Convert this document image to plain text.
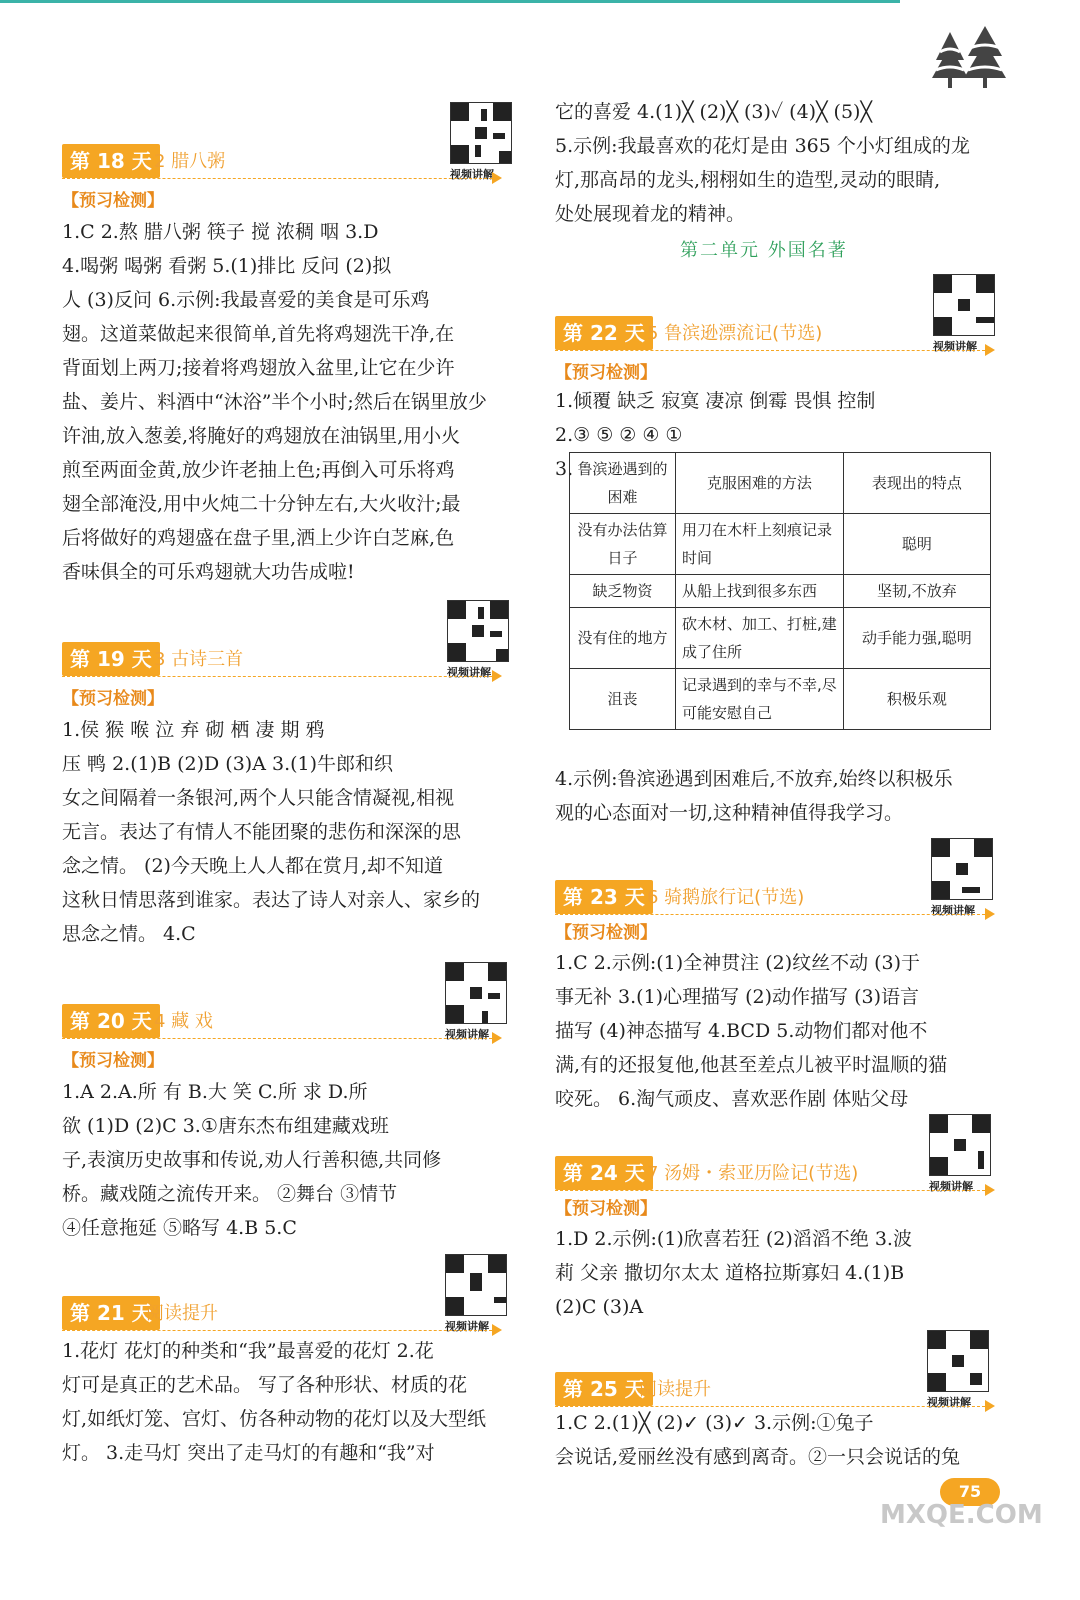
视频讲解
第 18 天 2 腊八粥
【预习检测】
1.C 2.熬 腊八粥 筷子 搅 浓稠 咽 3.D
4.喝粥 喝粥 看粥 5.(1)排比 反问 (2)拟
人 (3)反问 6.示例:我最喜爱的美食是可乐鸡
翅。这道菜做起来很简单,首先将鸡翅洗干净,在
背面划上两刀;接着将鸡翅放入盆里,让它在少许
盐、姜片、料酒中“沐浴”半个小时;然后在锅里放少
许油,放入葱姜,将腌好的鸡翅放在油锅里,用小火
煎至两面金黄,放少许老抽上色;再倒入可乐将鸡
翅全部淹没,用中火炖二十分钟左右,大火收汁;最
后将做好的鸡翅盛在盘子里,洒上少许白芝麻,色
香味俱全的可乐鸡翅就大功告成啦!
视频讲解
第 19 天 3 古诗三首
【预习检测】
1.侯 猴 喉 泣 弃 砌 栖 凄 期 鸦
压 鸭 2.(1)B (2)D (3)A 3.(1)牛郎和织
女之间隔着一条银河,两个人只能含情凝视,相视
无言。表达了有情人不能团聚的悲伤和深深的思
念之情。 (2)今天晚上人人都在赏月,却不知道
这秋日情思落到谁家。表达了诗人对亲人、家乡的
思念之情。 4.C
视频讲解
第 20 天 4 藏 戏
【预习检测】
1.A 2.A.所 有 B.大 笑 C.所 求 D.所
欲 (1)D (2)C 3.①唐东杰布组建藏戏班
子,表演历史故事和传说,劝人行善积德,共同修
桥。藏戏随之流传开来。 ②舞台 ③情节
④任意拖延 ⑤略写 4.B 5.C
视频讲解
第 21 天
阅读提升
1.花灯 花灯的种类和“我”最喜爱的花灯 2.花
灯可是真正的艺术品。 写了各种形状、材质的花
灯,如纸灯笼、宫灯、仿各种动物的花灯以及大型纸
灯。 3.走马灯 突出了走马灯的有趣和“我”对
它的喜爱 4.(1)╳ (2)╳ (3)✓ (4)╳ (5)╳
5.示例:我最喜欢的花灯是由 365 个小灯组成的龙
灯,那高昂的龙头,栩栩如生的造型,灵动的眼睛,
处处展现着龙的精神。
第二单元 外国名著
视频讲解
第 22 天 5 鲁滨逊漂流记(节选)
【预习检测】
1.倾覆 缺乏 寂寞 凄凉 倒霉 畏惧 控制
2.③ ⑤ ② ④ ①
3. 鲁滨逊遇到的困难	克服困难的方法	表现出的特点
没有办法估算日子	用刀在木杆上刻痕记录时间	聪明
缺乏物资	从船上找到很多东西	坚韧,不放弃
没有住的地方	砍木材、加工、打桩,建成了住所	动手能力强,聪明
沮丧	记录遇到的幸与不幸,尽可能安慰自己	积极乐观
4.示例:鲁滨逊遇到困难后,不放弃,始终以积极乐
观的心态面对一切,这种精神值得我学习。
视频讲解
第 23 天 6 骑鹅旅行记(节选)
【预习检测】
1.C 2.示例:(1)全神贯注 (2)纹丝不动 (3)于
事无补 3.(1)心理描写 (2)动作描写 (3)语言
描写 (4)神态描写 4.BCD 5.动物们都对他不
满,有的还报复他,他甚至差点儿被平时温顺的猫
咬死。 6.淘气顽皮、喜欢恶作剧 体贴父母
视频讲解
第 24 天 7 汤姆・索亚历险记(节选)
【预习检测】
1.D 2.示例:(1)欣喜若狂 (2)滔滔不绝 3.波
莉 父亲 撒切尔太太 道格拉斯寡妇 4.(1)B
(2)C (3)A
视频讲解
第 25 天
阅读提升
1.C 2.(1)╳ (2)✓ (3)✓ 3.示例:①兔子
会说话,爱丽丝没有感到离奇。②一只会说话的兔
75
MXQE.COM
